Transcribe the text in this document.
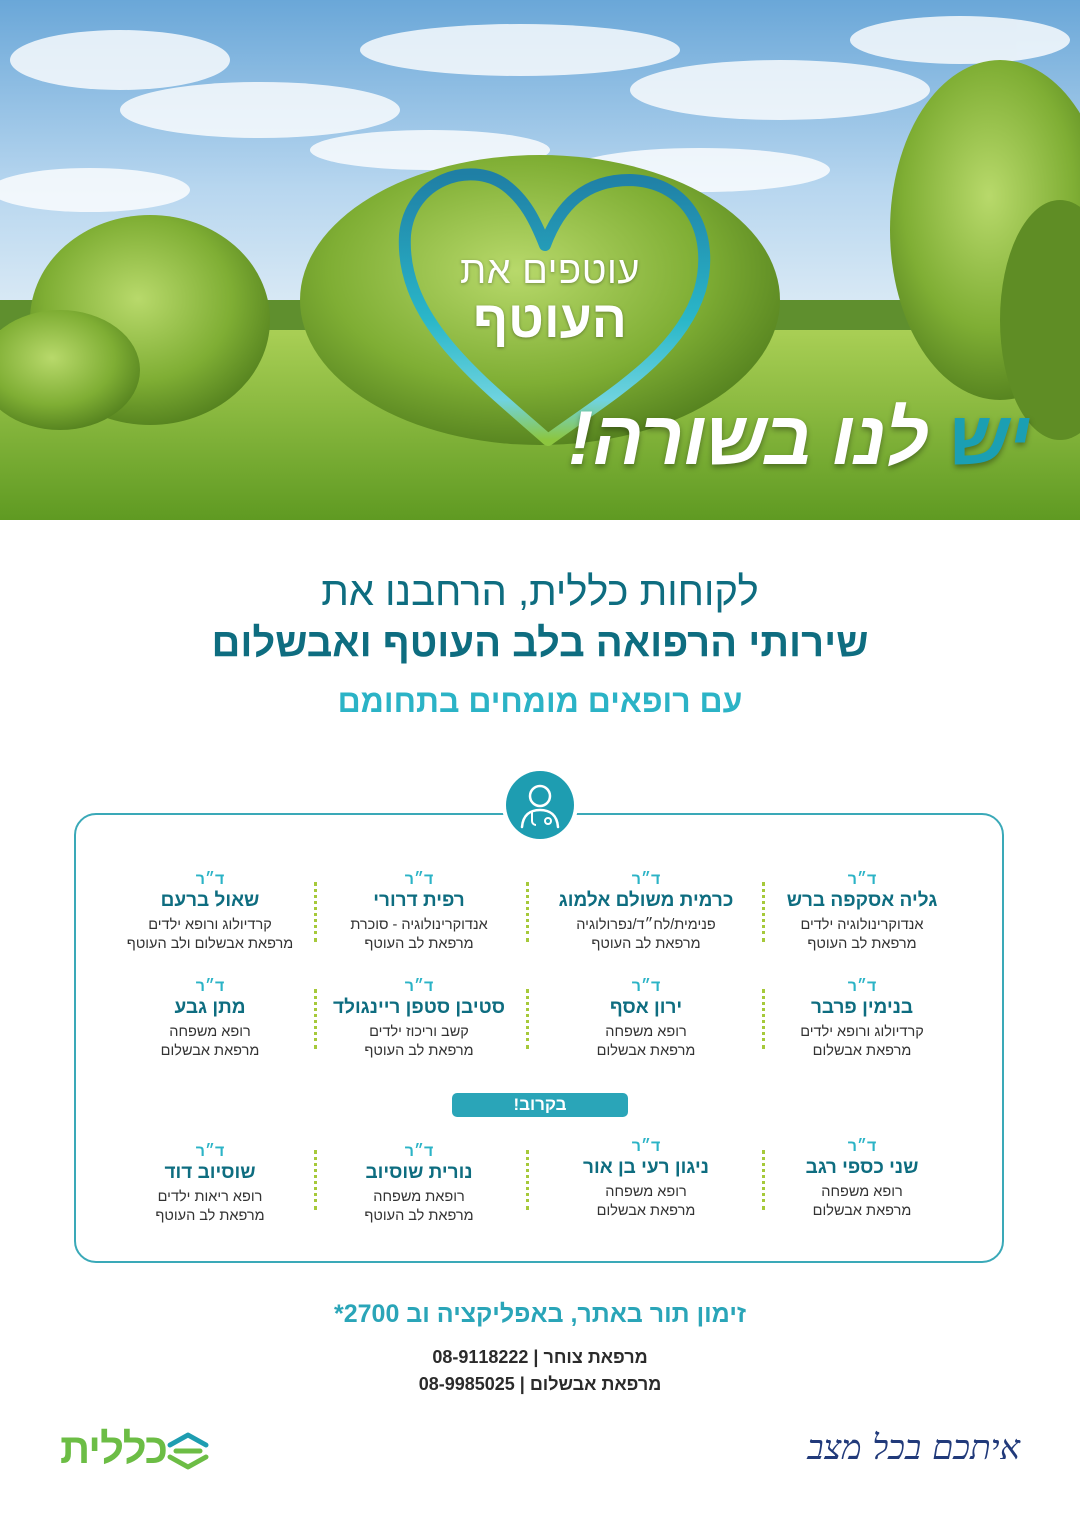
עוטפים את
העוטף
יש לנו בשורה!
לקוחות כללית, הרחבנו את
שירותי הרפואה בלב העוטף ואבשלום
עם רופאים מומחים בתחומם
ד״ר
גליה אסקפה ברש
אנדוקרינולוגיה ילדים
מרפאת לב העוטף
ד״ר
כרמית משולם אלמוג
פנימית/לח״ד/נפרולוגיה
מרפאת לב העוטף
ד״ר
רפית דרורי
אנדוקרינולוגיה - סוכרת
מרפאת לב העוטף
ד״ר
שאול ברעם
קרדיולוג ורופא ילדים
מרפאת אבשלום ולב העוטף
ד״ר
בנימין פרבר
קרדיולוג ורופא ילדים
מרפאת אבשלום
ד״ר
ירון אסף
רופא משפחה
מרפאת אבשלום
ד״ר
סטיבן סטפן ריינגולד
קשב וריכוז ילדים
מרפאת לב העוטף
ד״ר
מתן גבע
רופא משפחה
מרפאת אבשלום
בקרוב!
ד״ר
שני כספי רגב
רופא משפחה
מרפאת אבשלום
ד״ר
ניגון רעי בן אור
רופא משפחה
מרפאת אבשלום
ד״ר
נורית שוסיוב
רופאת משפחה
מרפאת לב העוטף
ד״ר
שוסיוב דוד
רופא ריאות ילדים
מרפאת לב העוטף
זימון תור באתר, באפליקציה וב 2700*
מרפאת צוחר | 08-9118222
מרפאת אבשלום | 08-9985025
כללית	איתכם בכל מצב
